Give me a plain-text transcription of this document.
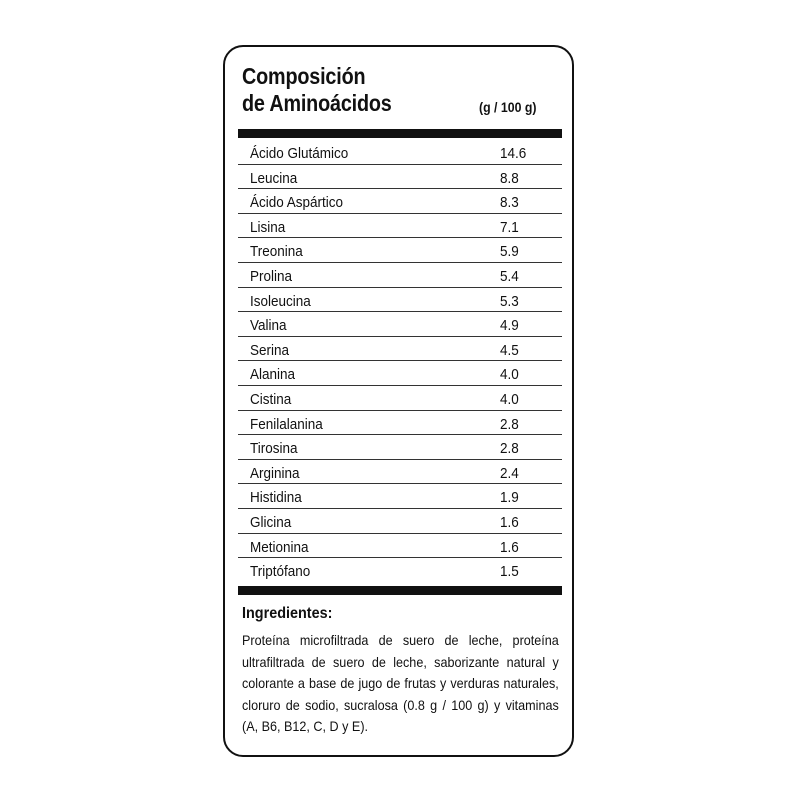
Composición
de Aminoácidos	(g / 100 g)
Ácido Glutámico	14.6
Leucina	8.8
Ácido Aspártico	8.3
Lisina	7.1
Treonina	5.9
Prolina	5.4
Isoleucina	5.3
Valina	4.9
Serina	4.5
Alanina	4.0
Cistina	4.0
Fenilalanina	2.8
Tirosina	2.8
Arginina	2.4
Histidina	1.9
Glicina	1.6
Metionina	1.6
Triptófano	1.5
Ingredientes:
Proteína microfiltrada de suero de leche, proteína ultrafiltrada de suero de leche, saborizante natural y colorante a base de jugo de frutas y verduras naturales, cloruro de sodio, sucralosa (0.8 g / 100 g) y vitaminas (A, B6, B12, C, D y E).
